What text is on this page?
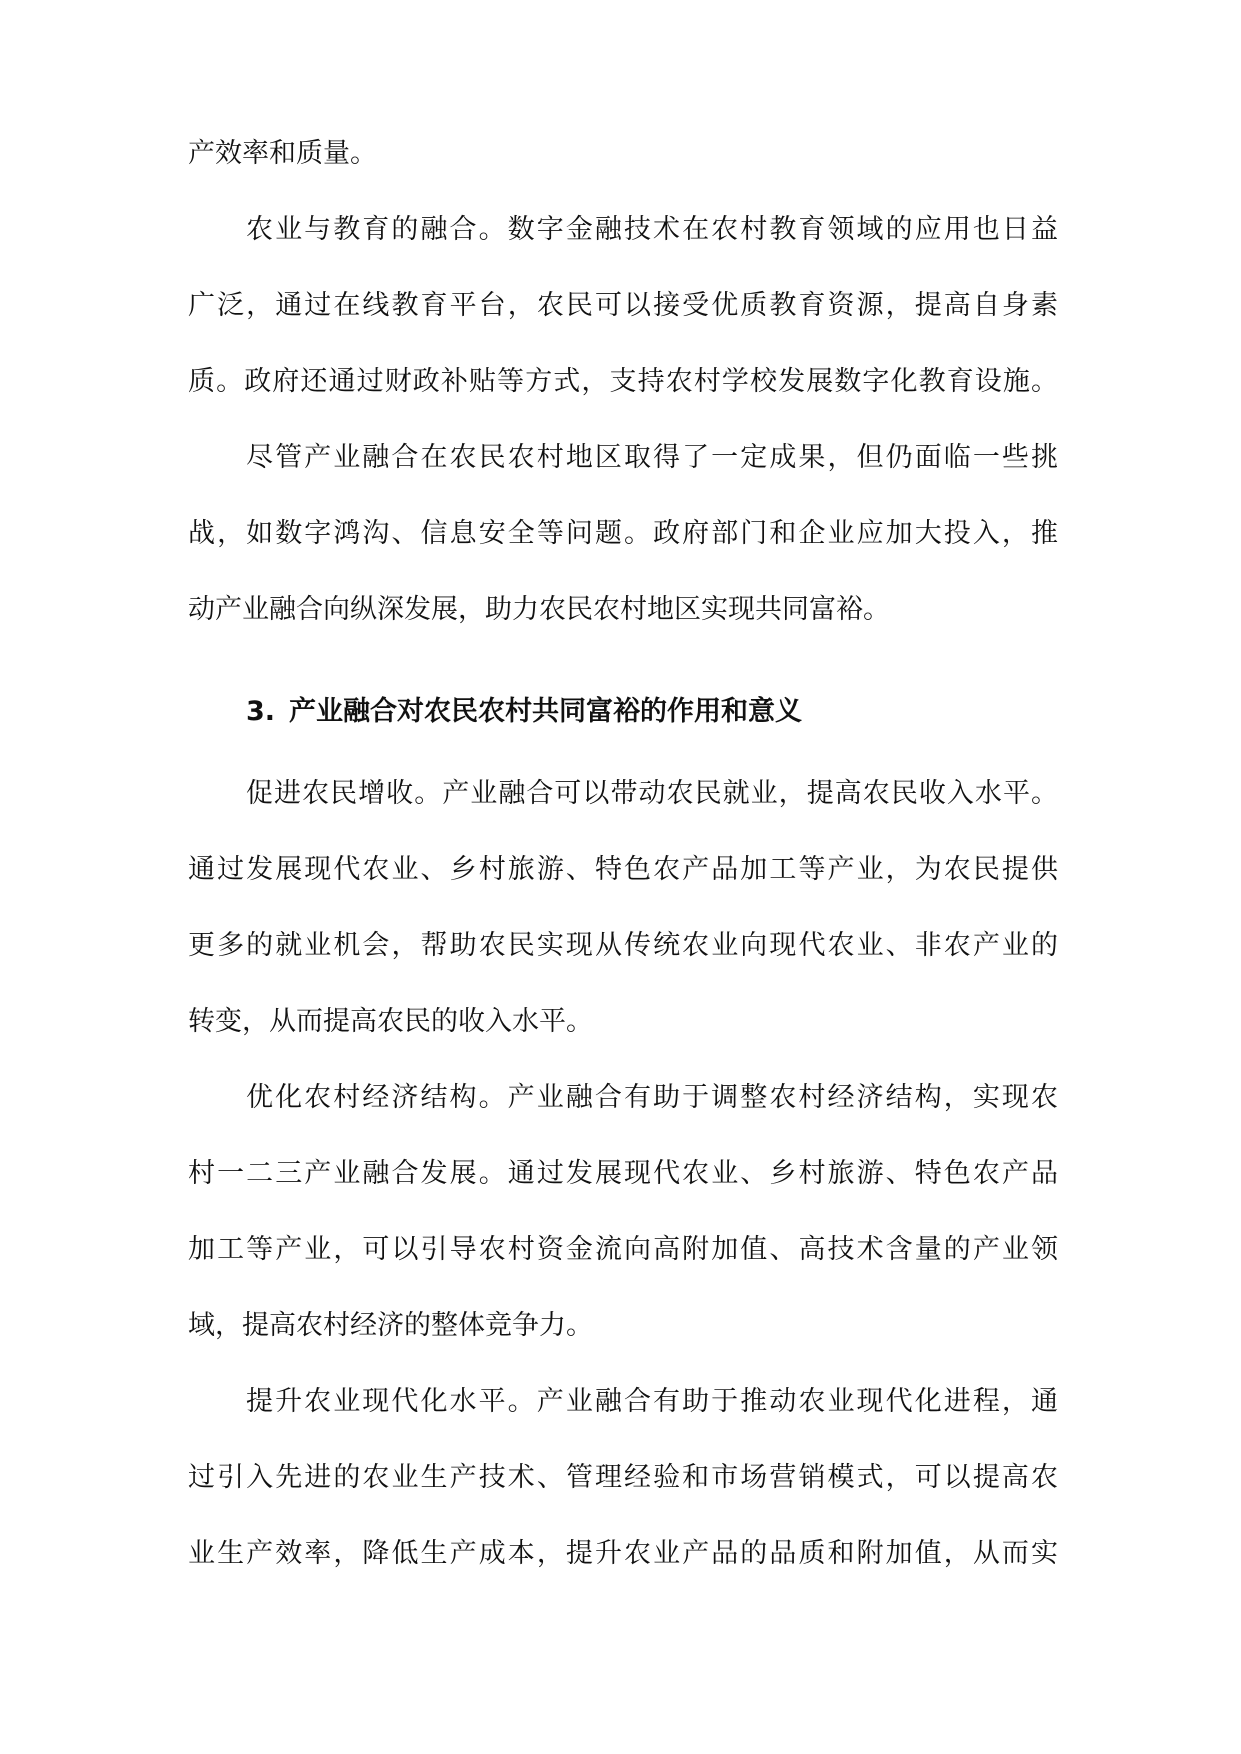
产效率和质量。
农业与教育的融合。数字金融技术在农村教育领域的应用也日益
广泛，通过在线教育平台，农民可以接受优质教育资源，提高自身素
质。政府还通过财政补贴等方式，支持农村学校发展数字化教育设施。
尽管产业融合在农民农村地区取得了一定成果，但仍面临一些挑
战，如数字鸿沟、信息安全等问题。政府部门和企业应加大投入，推
动产业融合向纵深发展，助力农民农村地区实现共同富裕。
3. 产业融合对农民农村共同富裕的作用和意义
促进农民增收。产业融合可以带动农民就业，提高农民收入水平。
通过发展现代农业、乡村旅游、特色农产品加工等产业，为农民提供
更多的就业机会，帮助农民实现从传统农业向现代农业、非农产业的
转变，从而提高农民的收入水平。
优化农村经济结构。产业融合有助于调整农村经济结构，实现农
村一二三产业融合发展。通过发展现代农业、乡村旅游、特色农产品
加工等产业，可以引导农村资金流向高附加值、高技术含量的产业领
域，提高农村经济的整体竞争力。
提升农业现代化水平。产业融合有助于推动农业现代化进程，通
过引入先进的农业生产技术、管理经验和市场营销模式，可以提高农
业生产效率，降低生产成本，提升农业产品的品质和附加值，从而实
